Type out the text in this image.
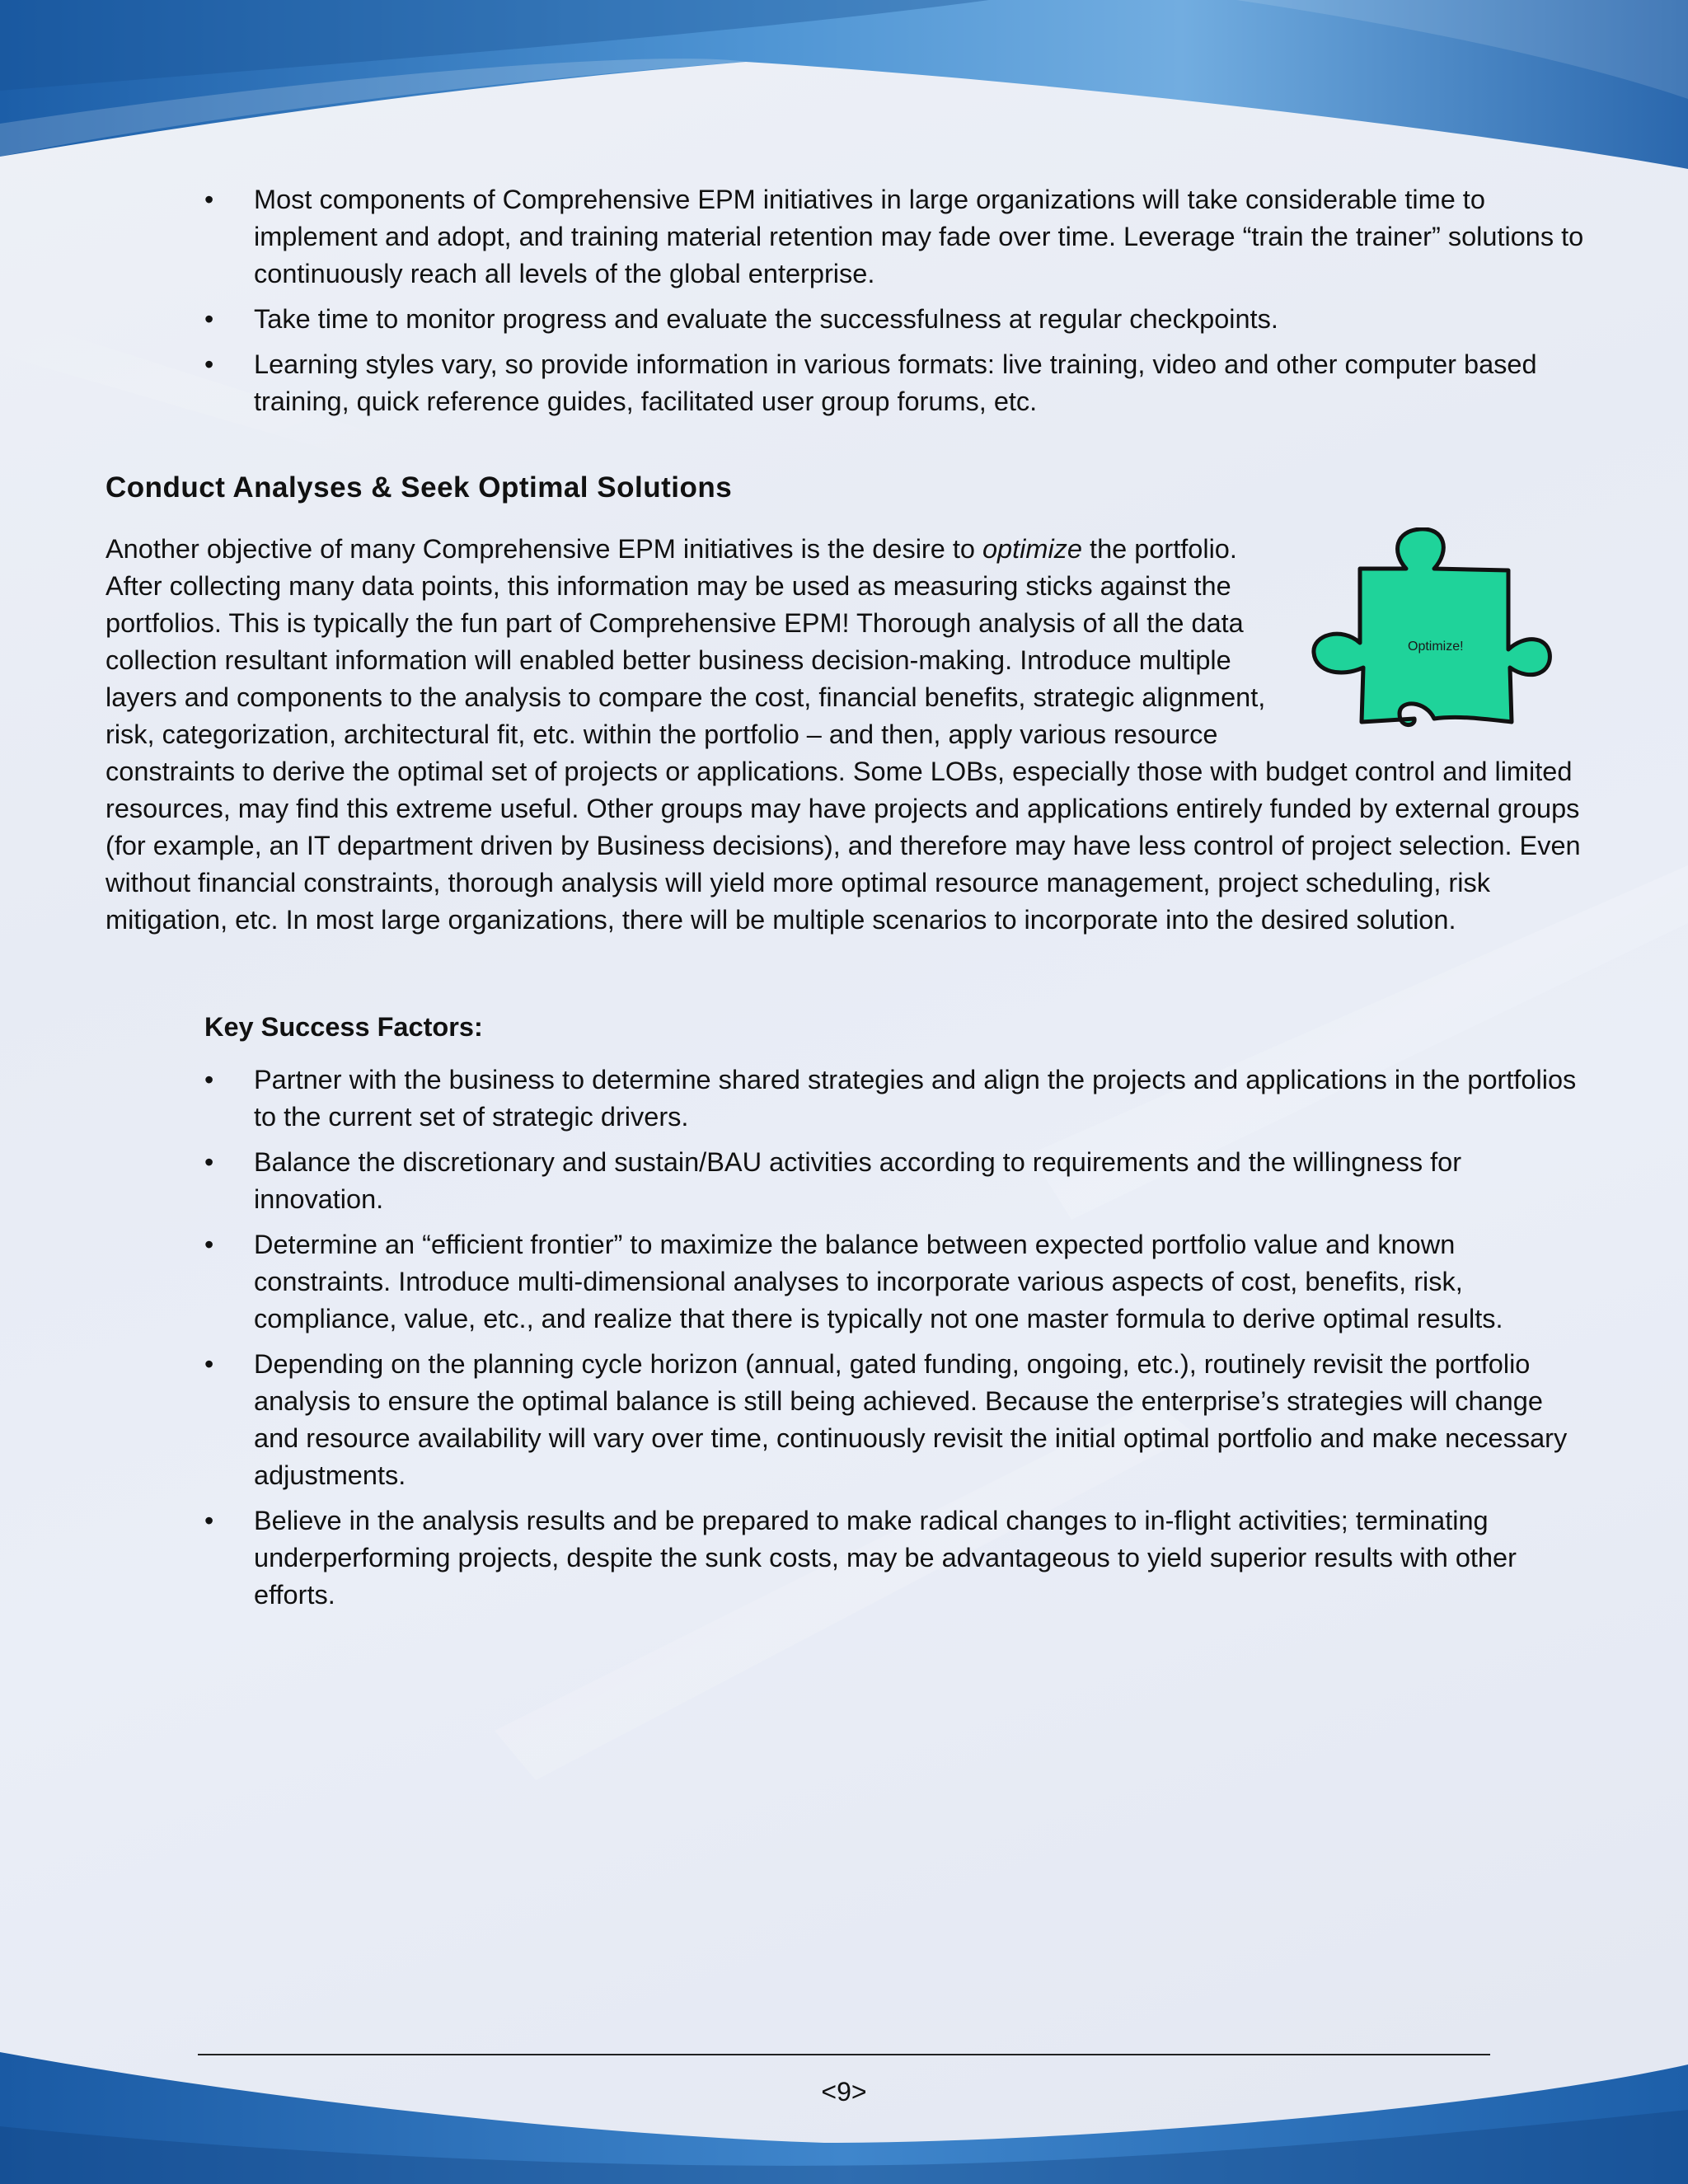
• Most components of Comprehensive EPM initiatives in large organizations will take considerable time to implement and adopt, and training material retention may fade over time. Leverage “train the trainer” solutions to continuously reach all levels of the global enterprise.
• Take time to monitor progress and evaluate the successfulness at regular checkpoints.
• Learning styles vary, so provide information in various formats: live training, video and other computer based training, quick reference guides, facilitated user group forums, etc.
Conduct Analyses & Seek Optimal Solutions

Optimize!
Another objective of many Comprehensive EPM initiatives is the desire to optimize the portfolio. After collecting many data points, this information may be used as measuring sticks against the portfolios. This is typically the fun part of Comprehensive EPM! Thorough analysis of all the data collection resultant information will enabled better business decision-making. Introduce multiple layers and components to the analysis to compare the cost, financial benefits, strategic alignment, risk, categorization, architectural fit, etc. within the portfolio – and then, apply various resource constraints to derive the optimal set of projects or applications. Some LOBs, especially those with budget control and limited resources, may find this extreme useful. Other groups may have projects and applications entirely funded by external groups (for example, an IT department driven by Business decisions), and therefore may have less control of project selection. Even without financial constraints, thorough analysis will yield more optimal resource management, project scheduling, risk mitigation, etc. In most large organizations, there will be multiple scenarios to incorporate into the desired solution.

Key Success Factors:
• Partner with the business to determine shared strategies and align the projects and applications in the portfolios to the current set of strategic drivers.
• Balance the discretionary and sustain/BAU activities according to requirements and the willingness for innovation.
• Determine an “efficient frontier” to maximize the balance between expected portfolio value and known constraints. Introduce multi-dimensional analyses to incorporate various aspects of cost, benefits, risk, compliance, value, etc., and realize that there is typically not one master formula to derive optimal results.
• Depending on the planning cycle horizon (annual, gated funding, ongoing, etc.), routinely revisit the portfolio analysis to ensure the optimal balance is still being achieved. Because the enterprise’s strategies will change and resource availability will vary over time, continuously revisit the initial optimal portfolio and make necessary adjustments.
• Believe in the analysis results and be prepared to make radical changes to in-flight activities; terminating underperforming projects, despite the sunk costs, may be advantageous to yield superior results with other efforts.
<9>
